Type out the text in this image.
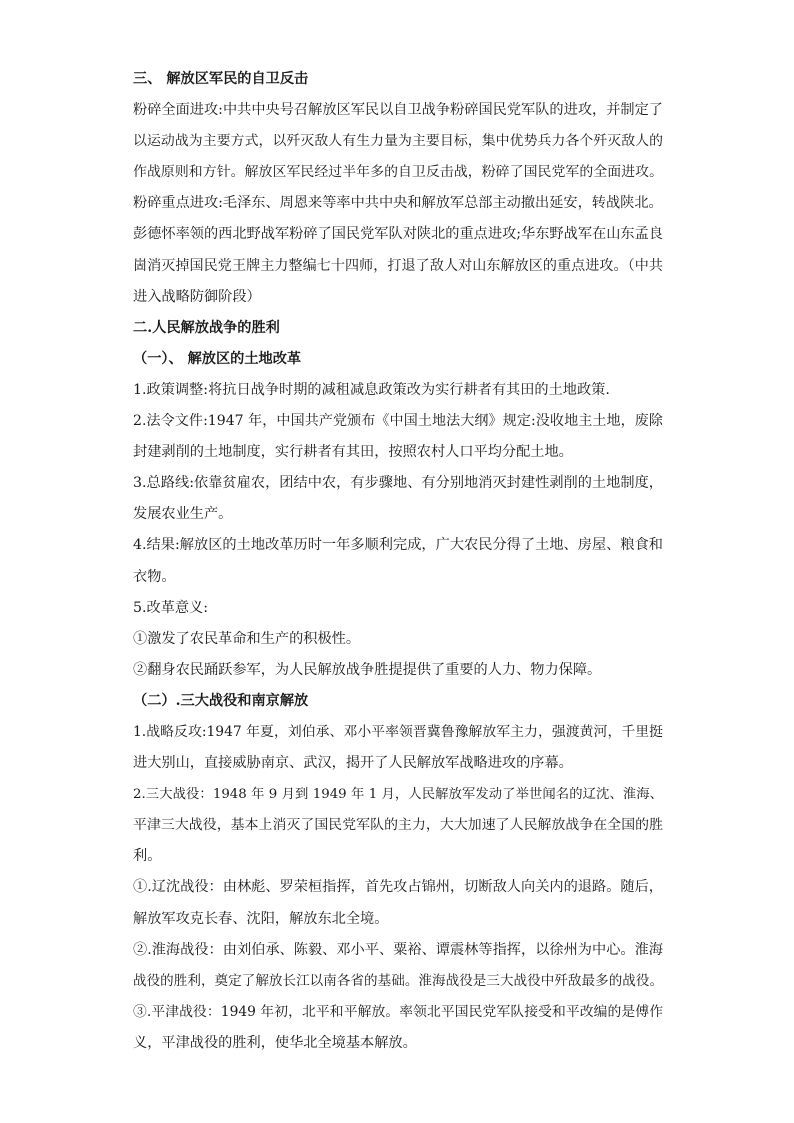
三、 解放区军民的自卫反击
粉碎全面进攻:中共中央号召解放区军民以自卫战争粉碎国民党军队的进攻，并制定了
以运动战为主要方式，以歼灭敌人有生力量为主要目标，集中优势兵力各个歼灭敌人的
作战原则和方针。解放区军民经过半年多的自卫反击战，粉碎了国民党军的全面进攻。
粉碎重点进攻:毛泽东、周恩来等率中共中央和解放军总部主动撤出延安，转战陕北。
彭德怀率领的西北野战军粉碎了国民党军队对陕北的重点进攻;华东野战军在山东孟良
崮消灭掉国民党王牌主力整编七十四师，打退了敌人对山东解放区的重点进攻。（中共
进入战略防御阶段）
二.人民解放战争的胜利
（一）、 解放区的土地改革
1.政策调整:将抗日战争时期的减租减息政策改为实行耕者有其田的土地政策.
2.法令文件:1947 年，中国共产党颁布《中国土地法大纲》规定:没收地主土地，废除
封建剥削的土地制度，实行耕者有其田，按照农村人口平均分配土地。
3.总路线:依靠贫雇农，团结中农，有步骤地、有分别地消灭封建性剥削的土地制度，
发展农业生产。
4.结果:解放区的土地改革历时一年多顺利完成，广大农民分得了土地、房屋、粮食和
衣物。
5.改革意义:
①激发了农民革命和生产的积极性。
②翻身农民踊跃参军，为人民解放战争胜提提供了重要的人力、物力保障。
（二）.三大战役和南京解放
1.战略反攻:1947 年夏，刘伯承、邓小平率领晋冀鲁豫解放军主力，强渡黄河，千里挺
进大别山，直接威胁南京、武汉，揭开了人民解放军战略进攻的序幕。
2.三大战役：1948 年 9 月到 1949 年 1 月，人民解放军发动了举世闻名的辽沈、淮海、
平津三大战役，基本上消灭了国民党军队的主力，大大加速了人民解放战争在全国的胜
利。
①.辽沈战役：由林彪、罗荣桓指挥，首先攻占锦州，切断敌人向关内的退路。随后，
解放军攻克长春、沈阳，解放东北全境。
②.淮海战役：由刘伯承、陈毅、邓小平、粟裕、谭震林等指挥，以徐州为中心。淮海
战役的胜利，奠定了解放长江以南各省的基础。淮海战役是三大战役中歼敌最多的战役。
③.平津战役：1949 年初，北平和平解放。率领北平国民党军队接受和平改编的是傅作
义，平津战役的胜利，使华北全境基本解放。
